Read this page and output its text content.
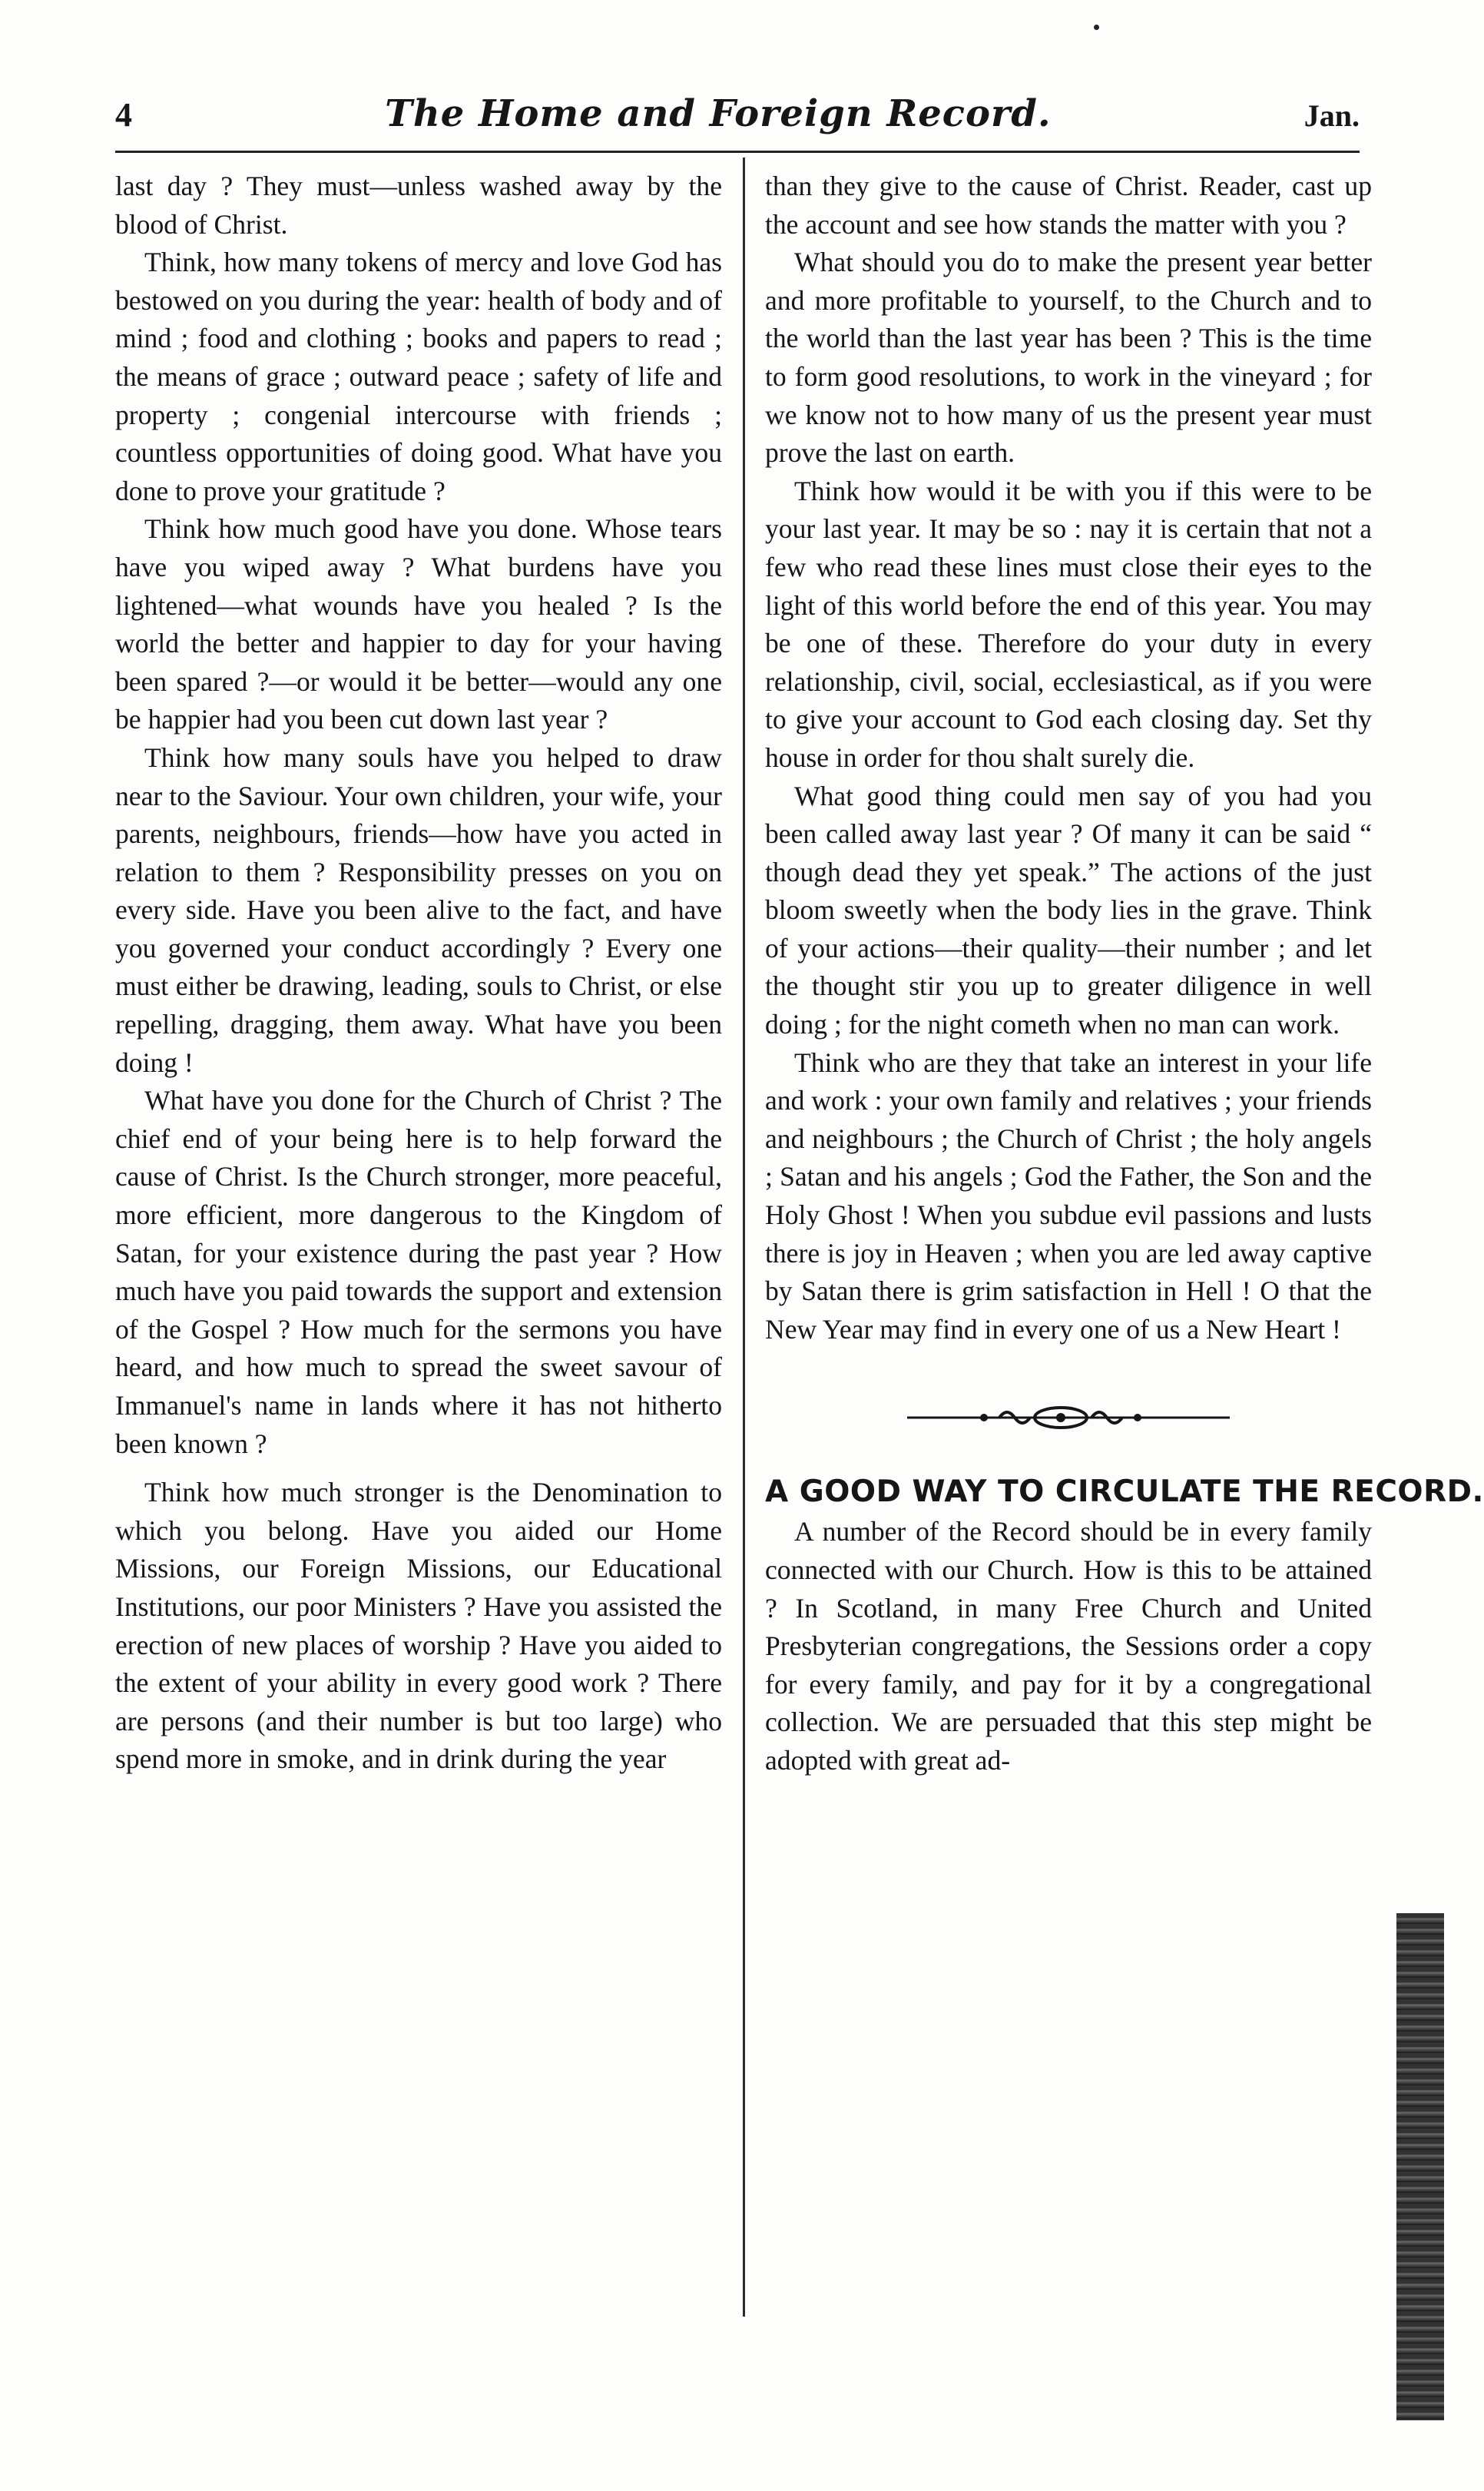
4	The Home and Foreign Record.	Jan.

last day ? They must—unless washed away by the blood of Christ.

Think, how many tokens of mercy and love God has bestowed on you during the year: health of body and of mind ; food and clothing ; books and papers to read ; the means of grace ; outward peace ; safety of life and property ; congenial intercourse with friends ; countless opportunities of doing good. What have you done to prove your gratitude ?

Think how much good have you done. Whose tears have you wiped away ? What burdens have you lightened—what wounds have you healed ? Is the world the better and happier to day for your having been spared ?—or would it be better—would any one be happier had you been cut down last year ?

Think how many souls have you helped to draw near to the Saviour. Your own children, your wife, your parents, neighbours, friends—how have you acted in relation to them ? Responsibility presses on you on every side. Have you been alive to the fact, and have you governed your conduct accordingly ? Every one must either be drawing, leading, souls to Christ, or else repelling, dragging, them away. What have you been doing !

What have you done for the Church of Christ ? The chief end of your being here is to help forward the cause of Christ. Is the Church stronger, more peaceful, more efficient, more dangerous to the Kingdom of Satan, for your existence during the past year ? How much have you paid towards the support and extension of the Gospel ? How much for the sermons you have heard, and how much to spread the sweet savour of Immanuel's name in lands where it has not hitherto been known ?

Think how much stronger is the Denomination to which you belong. Have you aided our Home Missions, our Foreign Missions, our Educational Institutions, our poor Ministers ? Have you assisted the erection of new places of worship ? Have you aided to the extent of your ability in every good work ? There are persons (and their number is but too large) who spend more in smoke, and in drink during the year

than they give to the cause of Christ. Reader, cast up the account and see how stands the matter with you ?

What should you do to make the present year better and more profitable to yourself, to the Church and to the world than the last year has been ? This is the time to form good resolutions, to work in the vineyard ; for we know not to how many of us the present year must prove the last on earth.

Think how would it be with you if this were to be your last year. It may be so : nay it is certain that not a few who read these lines must close their eyes to the light of this world before the end of this year. You may be one of these. Therefore do your duty in every relationship, civil, social, ecclesiastical, as if you were to give your account to God each closing day. Set thy house in order for thou shalt surely die.

What good thing could men say of you had you been called away last year ? Of many it can be said “ though dead they yet speak.” The actions of the just bloom sweetly when the body lies in the grave. Think of your actions—their quality—their number ; and let the thought stir you up to greater diligence in well doing ; for the night cometh when no man can work.

Think who are they that take an interest in your life and work : your own family and relatives ; your friends and neighbours ; the Church of Christ ; the holy angels ; Satan and his angels ; God the Father, the Son and the Holy Ghost ! When you subdue evil passions and lusts there is joy in Heaven ; when you are led away captive by Satan there is grim satisfaction in Hell ! O that the New Year may find in every one of us a New Heart !

A GOOD WAY TO CIRCULATE THE RECORD.

A number of the Record should be in every family connected with our Church. How is this to be attained ? In Scotland, in many Free Church and United Presbyterian congregations, the Sessions order a copy for every family, and pay for it by a congregational collection. We are persuaded that this step might be adopted with great ad-
